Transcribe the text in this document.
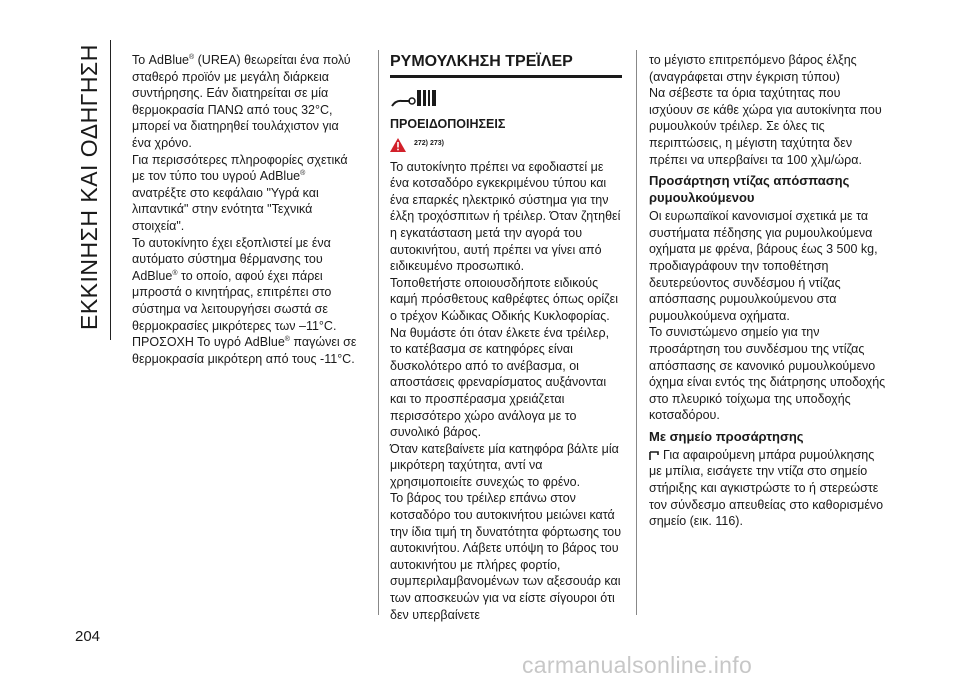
ΕΚΚΙΝΗΣΗ ΚΑΙ ΟΔΗΓΗΣΗ
204

Το AdBlue® (UREA) θεωρείται ένα πολύ σταθερό προϊόν με μεγάλη διάρκεια συντήρησης. Εάν διατηρείται σε μία θερμοκρασία ΠΑΝΩ από τους 32°C, μπορεί να διατηρηθεί τουλάχιστον για ένα χρόνο.

Για περισσότερες πληροφορίες σχετικά με τον τύπο του υγρού AdBlue® ανατρέξτε στο κεφάλαιο "Υγρά και λιπαντικά" στην ενότητα "Τεχνικά στοιχεία".

Το αυτοκίνητο έχει εξοπλιστεί με ένα αυτόματο σύστημα θέρμανσης του AdBlue® το οποίο, αφού έχει πάρει μπροστά ο κινητήρας, επιτρέπει στο σύστημα να λειτουργήσει σωστά σε θερμοκρασίες μικρότερες των –11°C.

ΠΡΟΣΟΧΗ Το υγρό AdBlue® παγώνει σε θερμοκρασία μικρότερη από τους -11°C.

ΡΥΜΟΥΛΚΗΣΗ ΤΡΕΪΛΕΡ
ΠΡΟΕΙΔΟΠΟΙΗΣΕΙΣ
272) 273)

Το αυτοκίνητο πρέπει να εφοδιαστεί με ένα κοτσαδόρο εγκεκριμένου τύπου και ένα επαρκές ηλεκτρικό σύστημα για την έλξη τροχόσπιτων ή τρέιλερ. Όταν ζητηθεί η εγκατάσταση μετά την αγορά του αυτοκινήτου, αυτή πρέπει να γίνει από ειδικευμένο προσωπικό.

Τοποθετήστε οποιουσδήποτε ειδικούς καμή πρόσθετους καθρέφτες όπως ορίζει ο τρέχον Κώδικας Οδικής Κυκλοφορίας.

Να θυμάστε ότι όταν έλκετε ένα τρέιλερ, το κατέβασμα σε κατηφόρες είναι δυσκολότερο από το ανέβασμα, οι αποστάσεις φρεναρίσματος αυξάνονται και το προσπέρασμα χρειάζεται περισσότερο χώρο ανάλογα με το συνολικό βάρος.

Όταν κατεβαίνετε μία κατηφόρα βάλτε μία μικρότερη ταχύτητα, αντί να χρησιμοποιείτε συνεχώς το φρένο.

Το βάρος του τρέιλερ επάνω στον κοτσαδόρο του αυτοκινήτου μειώνει κατά την ίδια τιμή τη δυνατότητα φόρτωσης του αυτοκινήτου. Λάβετε υπόψη το βάρος του αυτοκινήτου με πλήρες φορτίο, συμπεριλαμβανομένων των αξεσουάρ και των αποσκευών για να είστε σίγουροι ότι δεν υπερβαίνετε

το μέγιστο επιτρεπόμενο βάρος έλξης (αναγράφεται στην έγκριση τύπου)

Να σέβεστε τα όρια ταχύτητας που ισχύουν σε κάθε χώρα για αυτοκίνητα που ρυμουλκούν τρέιλερ. Σε όλες τις περιπτώσεις, η μέγιστη ταχύτητα δεν πρέπει να υπερβαίνει τα 100 χλμ/ώρα.

Προσάρτηση ντίζας απόσπασης ρυμουλκούμενου

Οι ευρωπαϊκοί κανονισμοί σχετικά με τα συστήματα πέδησης για ρυμουλκούμενα οχήματα με φρένα, βάρους έως 3 500 kg, προδιαγράφουν την τοποθέτηση δευτερεύοντος συνδέσμου ή ντίζας απόσπασης ρυμουλκούμενου στα ρυμουλκούμενα οχήματα.

Το συνιστώμενο σημείο για την προσάρτηση του συνδέσμου της ντίζας απόσπασης σε κανονικό ρυμουλκούμενο όχημα είναι εντός της διάτρησης υποδοχής στο πλευρικό τοίχωμα της υποδοχής κοτσαδόρου.

Με σημείο προσάρτησης

Για αφαιρούμενη μπάρα ρυμούλκησης με μπίλια, εισάγετε την ντίζα στο σημείο στήριξης και αγκιστρώστε το ή στερεώστε τον σύνδεσμο απευθείας στο καθορισμένο σημείο (εικ. 116).

carmanualsonline.info
